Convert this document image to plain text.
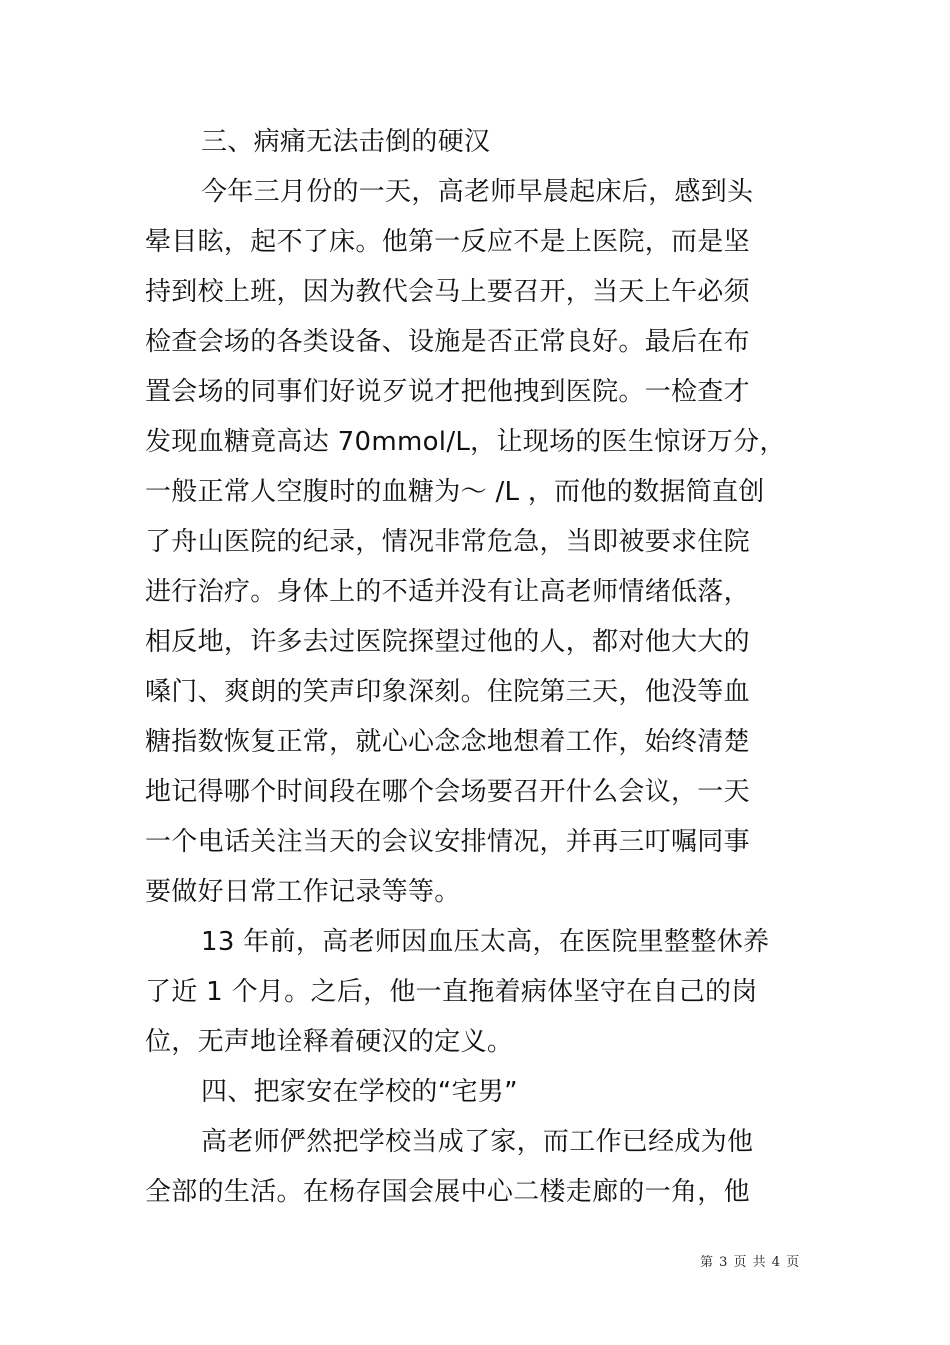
三、病痛无法击倒的硬汉
今年三月份的一天，高老师早晨起床后，感到头
晕目眩，起不了床。他第一反应不是上医院，而是坚
持到校上班，因为教代会马上要召开，当天上午必须
检查会场的各类设备、设施是否正常良好。最后在布
置会场的同事们好说歹说才把他拽到医院。一检查才
发现血糖竟高达 70mmol/L，让现场的医生惊讶万分，
一般正常人空腹时的血糖为～ /L ，而他的数据简直创
了舟山医院的纪录，情况非常危急，当即被要求住院
进行治疗。身体上的不适并没有让高老师情绪低落，
相反地，许多去过医院探望过他的人，都对他大大的
嗓门、爽朗的笑声印象深刻。住院第三天，他没等血
糖指数恢复正常，就心心念念地想着工作，始终清楚
地记得哪个时间段在哪个会场要召开什么会议，一天
一个电话关注当天的会议安排情况，并再三叮嘱同事
要做好日常工作记录等等。
13 年前，高老师因血压太高，在医院里整整休养
了近 1 个月。之后，他一直拖着病体坚守在自己的岗
位，无声地诠释着硬汉的定义。
四、把家安在学校的“宅男”
高老师俨然把学校当成了家，而工作已经成为他
全部的生活。在杨存国会展中心二楼走廊的一角，他
第 3 页 共 4 页
